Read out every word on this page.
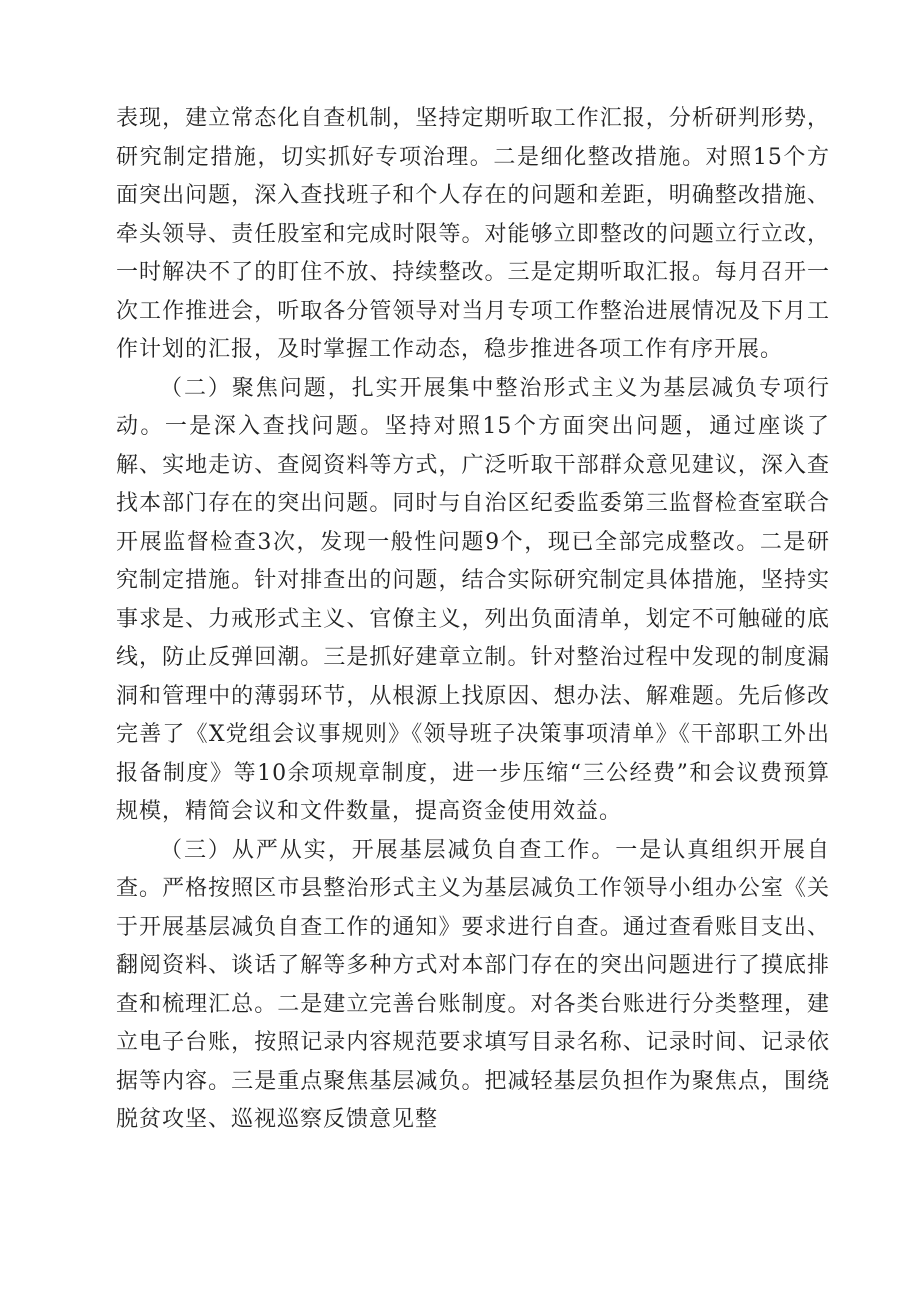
表现，建立常态化自查机制，坚持定期听取工作汇报，分析研判形势，研究制定措施，切实抓好专项治理。二是细化整改措施。对照15个方面突出问题，深入查找班子和个人存在的问题和差距，明确整改措施、牵头领导、责任股室和完成时限等。对能够立即整改的问题立行立改，一时解决不了的盯住不放、持续整改。三是定期听取汇报。每月召开一次工作推进会，听取各分管领导对当月专项工作整治进展情况及下月工作计划的汇报，及时掌握工作动态，稳步推进各项工作有序开展。

（二）聚焦问题，扎实开展集中整治形式主义为基层减负专项行动。一是深入查找问题。坚持对照15个方面突出问题，通过座谈了解、实地走访、查阅资料等方式，广泛听取干部群众意见建议，深入查找本部门存在的突出问题。同时与自治区纪委监委第三监督检查室联合开展监督检查3次，发现一般性问题9个，现已全部完成整改。二是研究制定措施。针对排查出的问题，结合实际研究制定具体措施，坚持实事求是、力戒形式主义、官僚主义，列出负面清单，划定不可触碰的底线，防止反弹回潮。三是抓好建章立制。针对整治过程中发现的制度漏洞和管理中的薄弱环节，从根源上找原因、想办法、解难题。先后修改完善了《X党组会议事规则》《领导班子决策事项清单》《干部职工外出报备制度》等10余项规章制度，进一步压缩“三公经费”和会议费预算规模，精简会议和文件数量，提高资金使用效益。

（三）从严从实，开展基层减负自查工作。一是认真组织开展自查。严格按照区市县整治形式主义为基层减负工作领导小组办公室《关于开展基层减负自查工作的通知》要求进行自查。通过查看账目支出、翻阅资料、谈话了解等多种方式对本部门存在的突出问题进行了摸底排查和梳理汇总。二是建立完善台账制度。对各类台账进行分类整理，建立电子台账，按照记录内容规范要求填写目录名称、记录时间、记录依据等内容。三是重点聚焦基层减负。把减轻基层负担作为聚焦点，围绕脱贫攻坚、巡视巡察反馈意见整
